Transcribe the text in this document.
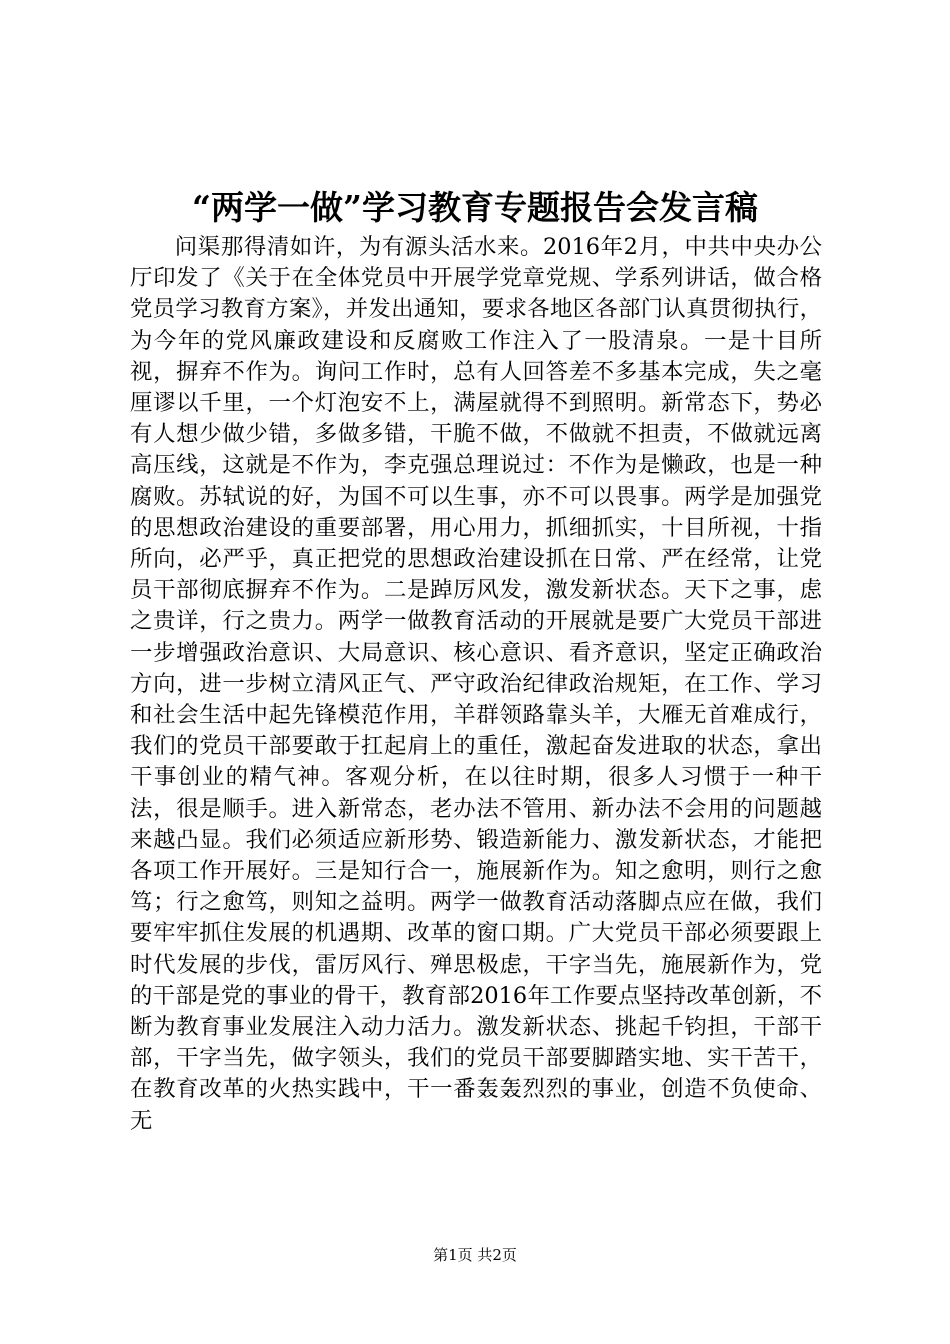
“两学一做”学习教育专题报告会发言稿

问渠那得清如许，为有源头活水来。2016年2月，中共中央办公厅印发了《关于在全体党员中开展学党章党规、学系列讲话，做合格党员学习教育方案》，并发出通知，要求各地区各部门认真贯彻执行，为今年的党风廉政建设和反腐败工作注入了一股清泉。一是十目所视，摒弃不作为。询问工作时，总有人回答差不多基本完成，失之毫厘谬以千里，一个灯泡安不上，满屋就得不到照明。新常态下，势必有人想少做少错，多做多错，干脆不做，不做就不担责，不做就远离高压线，这就是不作为，李克强总理说过：不作为是懒政，也是一种腐败。苏轼说的好，为国不可以生事，亦不可以畏事。两学是加强党的思想政治建设的重要部署，用心用力，抓细抓实，十目所视，十指所向，必严乎，真正把党的思想政治建设抓在日常、严在经常，让党员干部彻底摒弃不作为。二是踔厉风发，激发新状态。天下之事，虑之贵详，行之贵力。两学一做教育活动的开展就是要广大党员干部进一步增强政治意识、大局意识、核心意识、看齐意识，坚定正确政治方向，进一步树立清风正气、严守政治纪律政治规矩，在工作、学习和社会生活中起先锋模范作用，羊群领路靠头羊，大雁无首难成行，我们的党员干部要敢于扛起肩上的重任，激起奋发进取的状态，拿出干事创业的精气神。客观分析，在以往时期，很多人习惯于一种干法，很是顺手。进入新常态，老办法不管用、新办法不会用的问题越来越凸显。我们必须适应新形势、锻造新能力、激发新状态，才能把各项工作开展好。三是知行合一，施展新作为。知之愈明，则行之愈笃；行之愈笃，则知之益明。两学一做教育活动落脚点应在做，我们要牢牢抓住发展的机遇期、改革的窗口期。广大党员干部必须要跟上时代发展的步伐，雷厉风行、殚思极虑，干字当先，施展新作为，党的干部是党的事业的骨干，教育部2016年工作要点坚持改革创新，不断为教育事业发展注入动力活力。激发新状态、挑起千钧担，干部干部，干字当先，做字领头，我们的党员干部要脚踏实地、实干苦干，在教育改革的火热实践中，干一番轰轰烈烈的事业，创造不负使命、无

第1页 共2页
